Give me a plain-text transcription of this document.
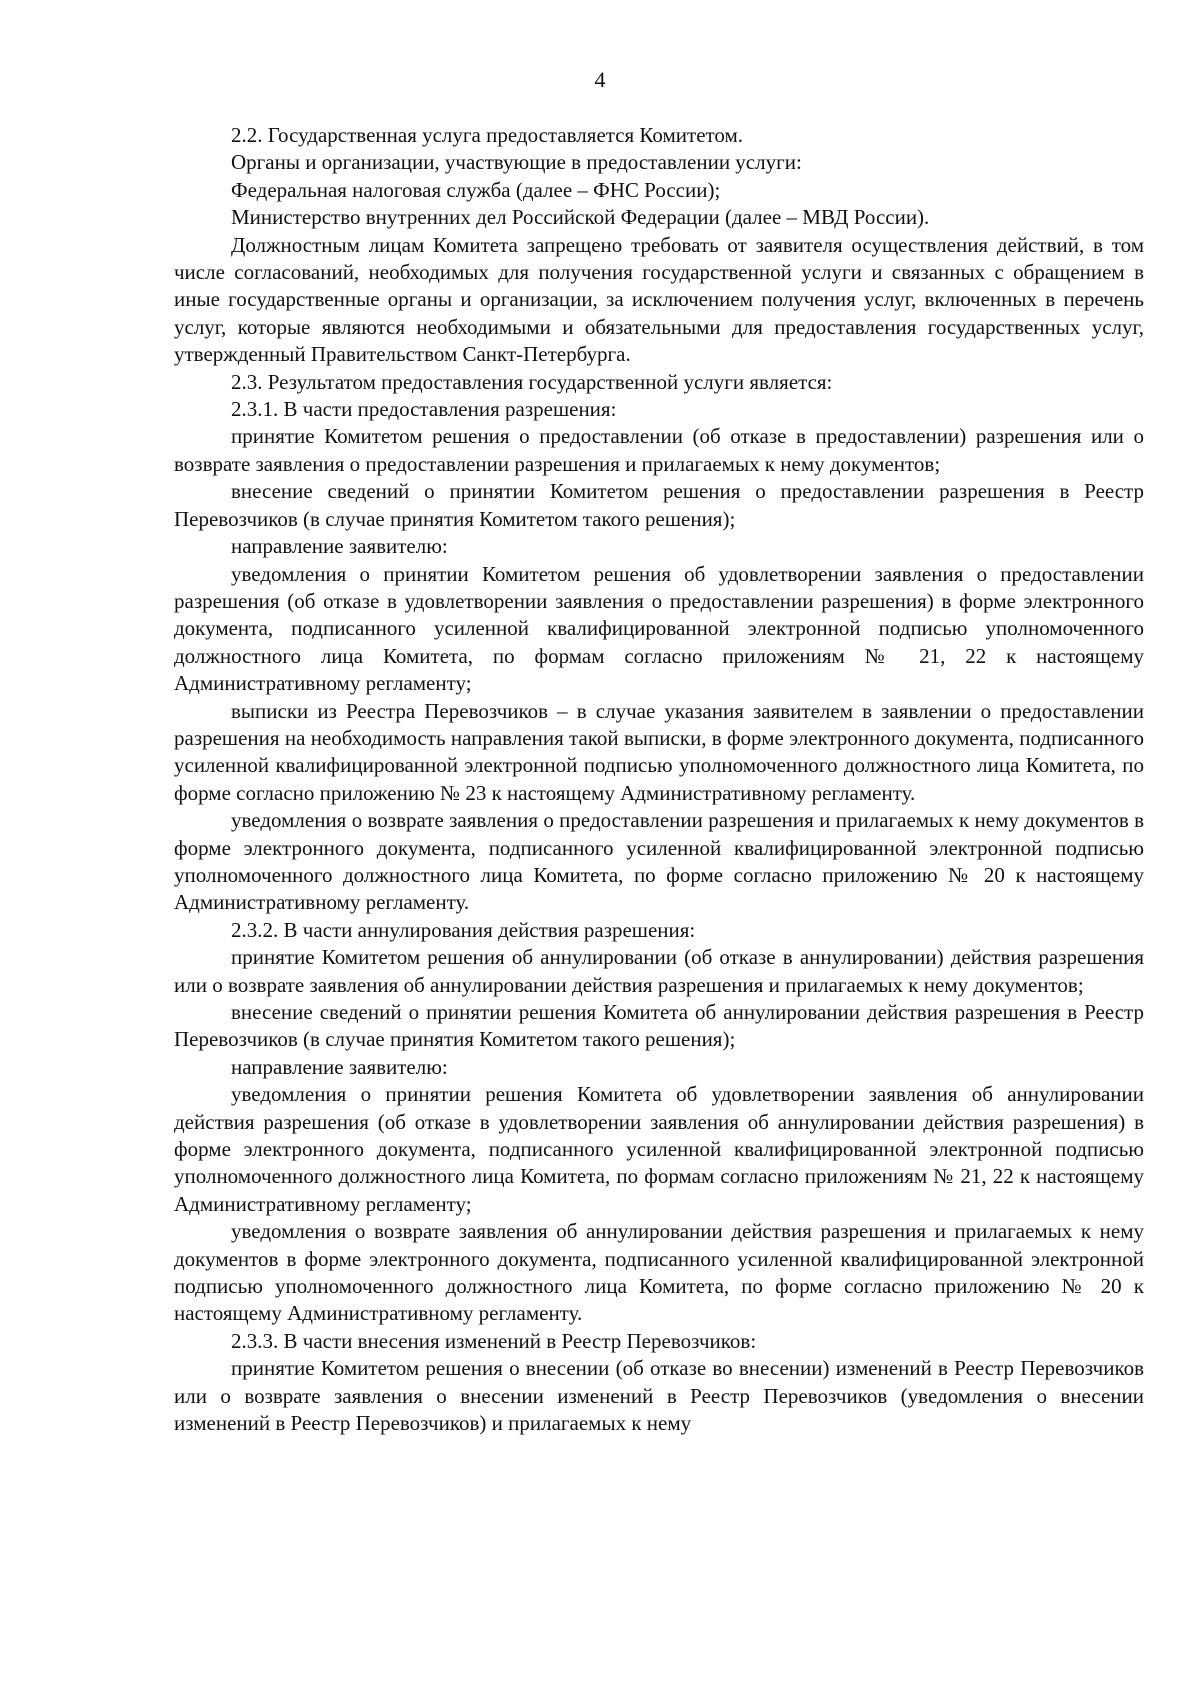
4

2.2. Государственная услуга предоставляется Комитетом.

Органы и организации, участвующие в предоставлении услуги:

Федеральная налоговая служба (далее – ФНС России);

Министерство внутренних дел Российской Федерации (далее – МВД России).

Должностным лицам Комитета запрещено требовать от заявителя осуществления действий, в том числе согласований, необходимых для получения государственной услуги и связанных с обращением в иные государственные органы и организации, за исключением получения услуг, включенных в перечень услуг, которые являются необходимыми и обязательными для предоставления государственных услуг, утвержденный Правительством Санкт-Петербурга.

2.3. Результатом предоставления государственной услуги является:

2.3.1. В части предоставления разрешения:

принятие Комитетом решения о предоставлении (об отказе в предоставлении) разрешения или о возврате заявления о предоставлении разрешения и прилагаемых к нему документов;

внесение сведений о принятии Комитетом решения о предоставлении разрешения в Реестр Перевозчиков (в случае принятия Комитетом такого решения);

направление заявителю:

уведомления о принятии Комитетом решения об удовлетворении заявления о предоставлении разрешения (об отказе в удовлетворении заявления о предоставлении разрешения) в форме электронного документа, подписанного усиленной квалифицированной электронной подписью уполномоченного должностного лица Комитета, по формам согласно приложениям № 21, 22 к настоящему Административному регламенту;

выписки из Реестра Перевозчиков – в случае указания заявителем в заявлении о предоставлении разрешения на необходимость направления такой выписки, в форме электронного документа, подписанного усиленной квалифицированной электронной подписью уполномоченного должностного лица Комитета, по форме согласно приложению № 23 к настоящему Административному регламенту.

уведомления о возврате заявления о предоставлении разрешения и прилагаемых к нему документов в форме электронного документа, подписанного усиленной квалифицированной электронной подписью уполномоченного должностного лица Комитета, по форме согласно приложению № 20 к настоящему Административному регламенту.

2.3.2. В части аннулирования действия разрешения:

принятие Комитетом решения об аннулировании (об отказе в аннулировании) действия разрешения или о возврате заявления об аннулировании действия разрешения и прилагаемых к нему документов;

внесение сведений о принятии решения Комитета об аннулировании действия разрешения в Реестр Перевозчиков (в случае принятия Комитетом такого решения);

направление заявителю:

уведомления о принятии решения Комитета об удовлетворении заявления об аннулировании действия разрешения (об отказе в удовлетворении заявления об аннулировании действия разрешения) в форме электронного документа, подписанного усиленной квалифицированной электронной подписью уполномоченного должностного лица Комитета, по формам согласно приложениям № 21, 22 к настоящему Административному регламенту;

уведомления о возврате заявления об аннулировании действия разрешения и прилагаемых к нему документов в форме электронного документа, подписанного усиленной квалифицированной электронной подписью уполномоченного должностного лица Комитета, по форме согласно приложению № 20 к настоящему Административному регламенту.

2.3.3. В части внесения изменений в Реестр Перевозчиков:

принятие Комитетом решения о внесении (об отказе во внесении) изменений в Реестр Перевозчиков или о возврате заявления о внесении изменений в Реестр Перевозчиков (уведомления о внесении изменений в Реестр Перевозчиков) и прилагаемых к нему
